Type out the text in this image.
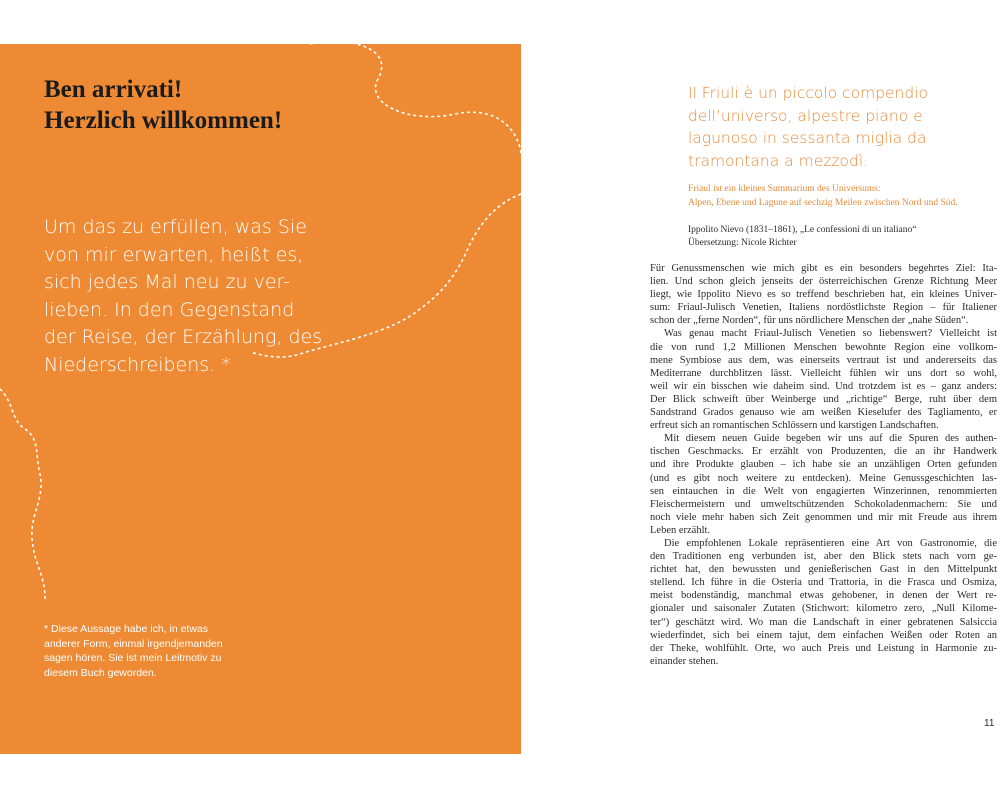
Ben arrivati!
Herzlich willkommen!
Um das zu erfüllen, was Sie
von mir erwarten, heißt es,
sich jedes Mal neu zu ver-
lieben. In den Gegenstand
der Reise, der Erzählung, des
Niederschreibens. *
* Diese Aussage habe ich, in etwas
anderer Form, einmal irgendjemanden
sagen hören. Sie ist mein Leitmotiv zu
diesem Buch geworden.
Il Friuli è un piccolo compendio
dell’universo, alpestre piano e
lagunoso in sessanta miglia da
tramontana a mezzodì.
Friaul ist ein kleines Summarium des Universums:
Alpen, Ebene und Lagune auf sechzig Meilen zwischen Nord und Süd.
Ippolito Nievo (1831–1861), „Le confessioni di un italiano“
Übersetzung: Nicole Richter
Für Genussmenschen wie mich gibt es ein besonders begehrtes Ziel: Ita-
lien. Und schon gleich jenseits der österreichischen Grenze Richtung Meer
liegt, wie Ippolito Nievo es so treffend beschrieben hat, ein kleines Univer-
sum: Friaul-Julisch Venetien, Italiens nordöstlichste Region – für Italiener
schon der „ferne Norden“, für uns nördlichere Menschen der „nahe Süden“.
Was genau macht Friaul-Julisch Venetien so liebenswert? Vielleicht ist
die von rund 1,2 Millionen Menschen bewohnte Region eine vollkom-
mene Symbiose aus dem, was einerseits vertraut ist und andererseits das
Mediterrane durchblitzen lässt. Vielleicht fühlen wir uns dort so wohl,
weil wir ein bisschen wie daheim sind. Und trotzdem ist es – ganz anders:
Der Blick schweift über Weinberge und „richtige“ Berge, ruht über dem
Sandstrand Grados genauso wie am weißen Kieselufer des Tagliamento, er
erfreut sich an romantischen Schlössern und karstigen Landschaften.
Mit diesem neuen Guide begeben wir uns auf die Spuren des authen-
tischen Geschmacks. Er erzählt von Produzenten, die an ihr Handwerk
und ihre Produkte glauben – ich habe sie an unzähligen Orten gefunden
(und es gibt noch weitere zu entdecken). Meine Genussgeschichten las-
sen eintauchen in die Welt von engagierten Winzerinnen, renommierten
Fleischermeistern und umweltschützenden Schokoladenmachern: Sie und
noch viele mehr haben sich Zeit genommen und mir mit Freude aus ihrem
Leben erzählt.
Die empfohlenen Lokale repräsentieren eine Art von Gastronomie, die
den Traditionen eng verbunden ist, aber den Blick stets nach vorn ge-
richtet hat, den bewussten und genießerischen Gast in den Mittelpunkt
stellend. Ich führe in die Osteria und Trattoria, in die Frasca und Osmiza,
meist bodenständig, manchmal etwas gehobener, in denen der Wert re-
gionaler und saisonaler Zutaten (Stichwort: kilometro zero, „Null Kilome-
ter“) geschätzt wird. Wo man die Landschaft in einer gebratenen Salsiccia
wiederfindet, sich bei einem tajut, dem einfachen Weißen oder Roten an
der Theke, wohlfühlt. Orte, wo auch Preis und Leistung in Harmonie zu-
einander stehen.
11
